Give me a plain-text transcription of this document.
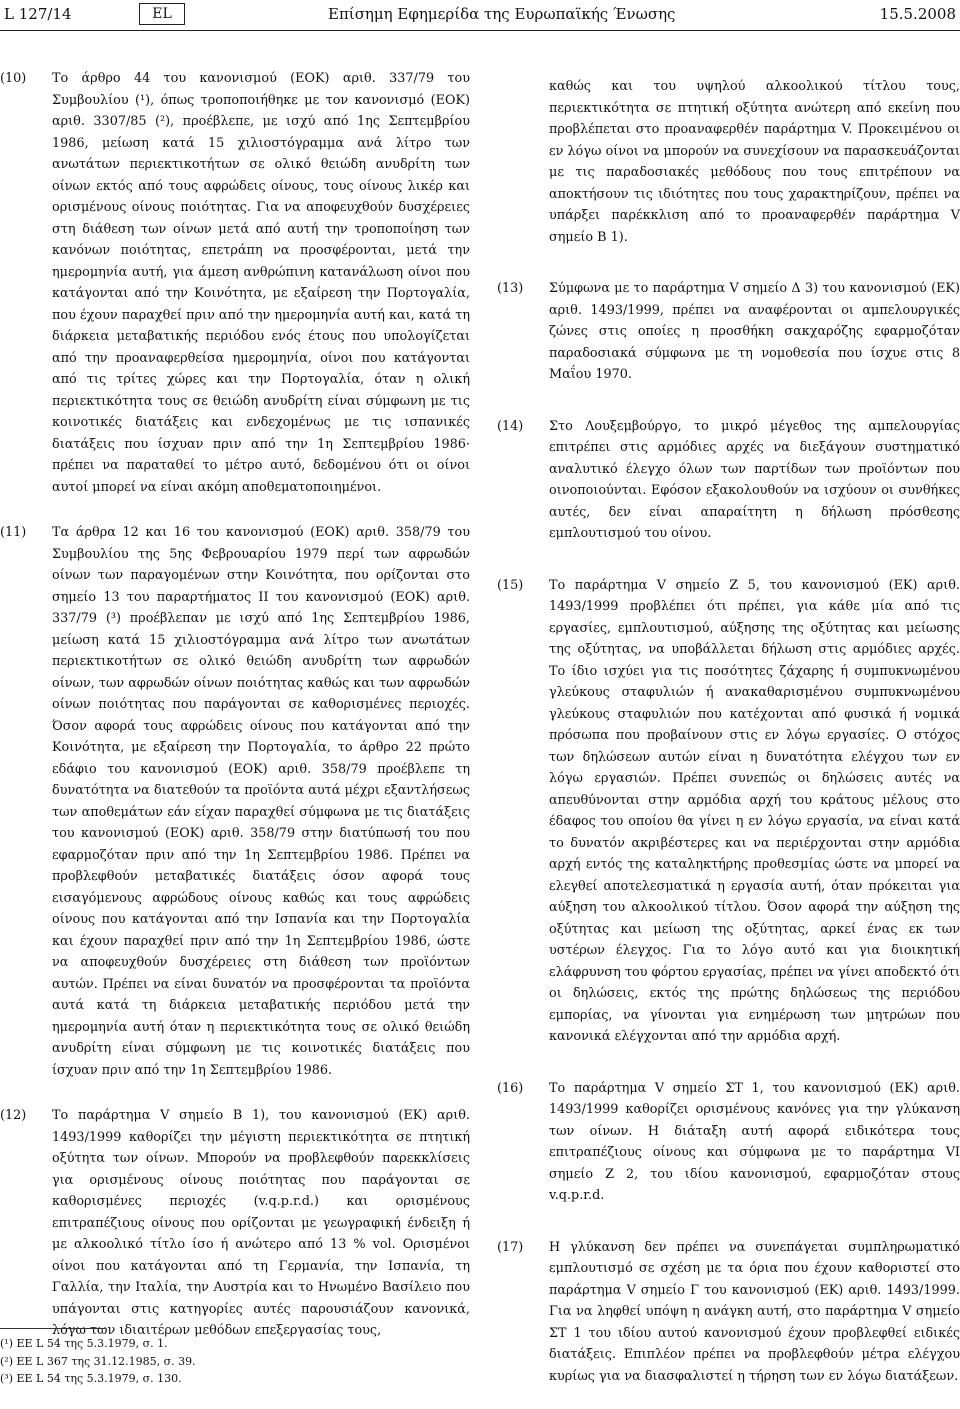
L 127/14	EL	Επίσημη Εφημερίδα της Ευρωπαϊκής Ένωσης	15.5.2008
(10)	Το άρθρο 44 του κανονισμού (ΕΟΚ) αριθ. 337/79 του Συμβουλίου (¹), όπως τροποποιήθηκε με τον κανονισμό (ΕΟΚ) αριθ. 3307/85 (²), προέβλεπε, με ισχύ από 1ης Σεπτεμβρίου 1986, μείωση κατά 15 χιλιοστόγραμμα ανά λίτρο των ανωτάτων περιεκτικοτήτων σε ολικό θειώδη ανυδρίτη των οίνων εκτός από τους αφρώδεις οίνους, τους οίνους λικέρ και ορισμένους οίνους ποιότητας. Για να αποφευχθούν δυσχέρειες στη διάθεση των οίνων μετά από αυτή την τροποποίηση των κανόνων ποιότητας, επετράπη να προσφέρονται, μετά την ημερομηνία αυτή, για άμεση ανθρώπινη κατανάλωση οίνοι που κατάγονται από την Κοινότητα, με εξαίρεση την Πορτογαλία, που έχουν παραχθεί πριν από την ημερομηνία αυτή και, κατά τη διάρκεια μεταβατικής περιόδου ενός έτους που υπολογίζεται από την προαναφερθείσα ημερομηνία, οίνοι που κατάγονται από τις τρίτες χώρες και την Πορτογαλία, όταν η ολική περιεκτικότητα τους σε θειώδη ανυδρίτη είναι σύμφωνη με τις κοινοτικές διατάξεις και ενδεχομένως με τις ισπανικές διατάξεις που ίσχυαν πριν από την 1η Σεπτεμβρίου 1986· πρέπει να παραταθεί το μέτρο αυτό, δεδομένου ότι οι οίνοι αυτοί μπορεί να είναι ακόμη αποθεματοποιημένοι.
(11)	Τα άρθρα 12 και 16 του κανονισμού (ΕΟΚ) αριθ. 358/79 του Συμβουλίου της 5ης Φεβρουαρίου 1979 περί των αφρωδών οίνων των παραγομένων στην Κοινότητα, που ορίζονται στο σημείο 13 του παραρτήματος II του κανονισμού (ΕΟΚ) αριθ. 337/79 (³) προέβλεπαν με ισχύ από 1ης Σεπτεμβρίου 1986, μείωση κατά 15 χιλιοστόγραμμα ανά λίτρο των ανωτάτων περιεκτικοτήτων σε ολικό θειώδη ανυδρίτη των αφρωδών οίνων, των αφρωδών οίνων ποιότητας καθώς και των αφρωδών οίνων ποιότητας που παράγονται σε καθορισμένες περιοχές. Όσον αφορά τους αφρώδεις οίνους που κατάγονται από την Κοινότητα, με εξαίρεση την Πορτογαλία, το άρθρο 22 πρώτο εδάφιο του κανονισμού (ΕΟΚ) αριθ. 358/79 προέβλεπε τη δυνατότητα να διατεθούν τα προϊόντα αυτά μέχρι εξαντλήσεως των αποθεμάτων εάν είχαν παραχθεί σύμφωνα με τις διατάξεις του κανονισμού (ΕΟΚ) αριθ. 358/79 στην διατύπωσή του που εφαρμοζόταν πριν από την 1η Σεπτεμβρίου 1986. Πρέπει να προβλεφθούν μεταβατικές διατάξεις όσον αφορά τους εισαγόμενους αφρώδους οίνους καθώς και τους αφρώδεις οίνους που κατάγονται από την Ισπανία και την Πορτογαλία και έχουν παραχθεί πριν από την 1η Σεπτεμβρίου 1986, ώστε να αποφευχθούν δυσχέρειες στη διάθεση των προϊόντων αυτών. Πρέπει να είναι δυνατόν να προσφέρονται τα προϊόντα αυτά κατά τη διάρκεια μεταβατικής περιόδου μετά την ημερομηνία αυτή όταν η περιεκτικότητα τους σε ολικό θειώδη ανυδρίτη είναι σύμφωνη με τις κοινοτικές διατάξεις που ίσχυαν πριν από την 1η Σεπτεμβρίου 1986.
(12)	Το παράρτημα V σημείο Β 1), του κανονισμού (ΕΚ) αριθ. 1493/1999 καθορίζει την μέγιστη περιεκτικότητα σε πτητική οξύτητα των οίνων. Μπορούν να προβλεφθούν παρεκκλίσεις για ορισμένους οίνους ποιότητας που παράγονται σε καθορισμένες περιοχές (v.q.p.r.d.) και ορισμένους επιτραπέζιους οίνους που ορίζονται με γεωγραφική ένδειξη ή με αλκοολικό τίτλο ίσο ή ανώτερο από 13 % vol. Ορισμένοι οίνοι που κατάγονται από τη Γερμανία, την Ισπανία, τη Γαλλία, την Ιταλία, την Αυστρία και το Ηνωμένο Βασίλειο που υπάγονται στις κατηγορίες αυτές παρουσιάζουν κανονικά, λόγω των ιδιαιτέρων μεθόδων επεξεργασίας τους,
καθώς και του υψηλού αλκοολικού τίτλου τους, περιεκτικότητα σε πτητική οξύτητα ανώτερη από εκείνη που προβλέπεται στο προαναφερθέν παράρτημα V. Προκειμένου οι εν λόγω οίνοι να μπορούν να συνεχίσουν να παρασκευάζονται με τις παραδοσιακές μεθόδους που τους επιτρέπουν να αποκτήσουν τις ιδιότητες που τους χαρακτηρίζουν, πρέπει να υπάρξει παρέκκλιση από το προαναφερθέν παράρτημα V σημείο Β 1).
(13)	Σύμφωνα με το παράρτημα V σημείο Δ 3) του κανονισμού (ΕΚ) αριθ. 1493/1999, πρέπει να αναφέρονται οι αμπελουργικές ζώνες στις οποίες η προσθήκη σακχαρόζης εφαρμοζόταν παραδοσιακά σύμφωνα με τη νομοθεσία που ίσχυε στις 8 Μαΐου 1970.
(14)	Στο Λουξεμβούργο, το μικρό μέγεθος της αμπελουργίας επιτρέπει στις αρμόδιες αρχές να διεξάγουν συστηματικό αναλυτικό έλεγχο όλων των παρτίδων των προϊόντων που οινοποιούνται. Εφόσον εξακολουθούν να ισχύουν οι συνθήκες αυτές, δεν είναι απαραίτητη η δήλωση πρόσθεσης εμπλουτισμού του οίνου.
(15)	Το παράρτημα V σημείο Ζ 5, του κανονισμού (ΕΚ) αριθ. 1493/1999 προβλέπει ότι πρέπει, για κάθε μία από τις εργασίες, εμπλουτισμού, αύξησης της οξύτητας και μείωσης της οξύτητας, να υποβάλλεται δήλωση στις αρμόδιες αρχές. Το ίδιο ισχύει για τις ποσότητες ζάχαρης ή συμπυκνωμένου γλεύκους σταφυλιών ή ανακαθαρισμένου συμπυκνωμένου γλεύκους σταφυλιών που κατέχονται από φυσικά ή νομικά πρόσωπα που προβαίνουν στις εν λόγω εργασίες. Ο στόχος των δηλώσεων αυτών είναι η δυνατότητα ελέγχου των εν λόγω εργασιών. Πρέπει συνεπώς οι δηλώσεις αυτές να απευθύνονται στην αρμόδια αρχή του κράτους μέλους στο έδαφος του οποίου θα γίνει η εν λόγω εργασία, να είναι κατά το δυνατόν ακριβέστερες και να περιέρχονται στην αρμόδια αρχή εντός της καταληκτήρης προθεσμίας ώστε να μπορεί να ελεγθεί αποτελεσματικά η εργασία αυτή, όταν πρόκειται για αύξηση του αλκοολικού τίτλου. Όσον αφορά την αύξηση της οξύτητας και μείωση της οξύτητας, αρκεί ένας εκ των υστέρων έλεγχος. Για το λόγο αυτό και για διοικητική ελάφρυνση του φόρτου εργασίας, πρέπει να γίνει αποδεκτό ότι οι δηλώσεις, εκτός της πρώτης δηλώσεως της περιόδου εμπορίας, να γίνονται για ενημέρωση των μητρώων που κανονικά ελέγχονται από την αρμόδια αρχή.
(16)	Το παράρτημα V σημείο ΣΤ 1, του κανονισμού (ΕΚ) αριθ. 1493/1999 καθορίζει ορισμένους κανόνες για την γλύκανση των οίνων. Η διάταξη αυτή αφορά ειδικότερα τους επιτραπέζιους οίνους και σύμφωνα με το παράρτημα VI σημείο Ζ 2, του ιδίου κανονισμού, εφαρμοζόταν στους v.q.p.r.d.
(17)	Η γλύκανση δεν πρέπει να συνεπάγεται συμπληρωματικό εμπλουτισμό σε σχέση με τα όρια που έχουν καθοριστεί στο παράρτημα V σημείο Γ του κανονισμού (ΕΚ) αριθ. 1493/1999. Για να ληφθεί υπόψη η ανάγκη αυτή, στο παράρτημα V σημείο ΣΤ 1 του ιδίου αυτού κανονισμού έχουν προβλεφθεί ειδικές διατάξεις. Επιπλέον πρέπει να προβλεφθούν μέτρα ελέγχου κυρίως για να διασφαλιστεί η τήρηση των εν λόγω διατάξεων.
(¹) ΕΕ L 54 της 5.3.1979, σ. 1.
(²) ΕΕ L 367 της 31.12.1985, σ. 39.
(³) ΕΕ L 54 της 5.3.1979, σ. 130.
